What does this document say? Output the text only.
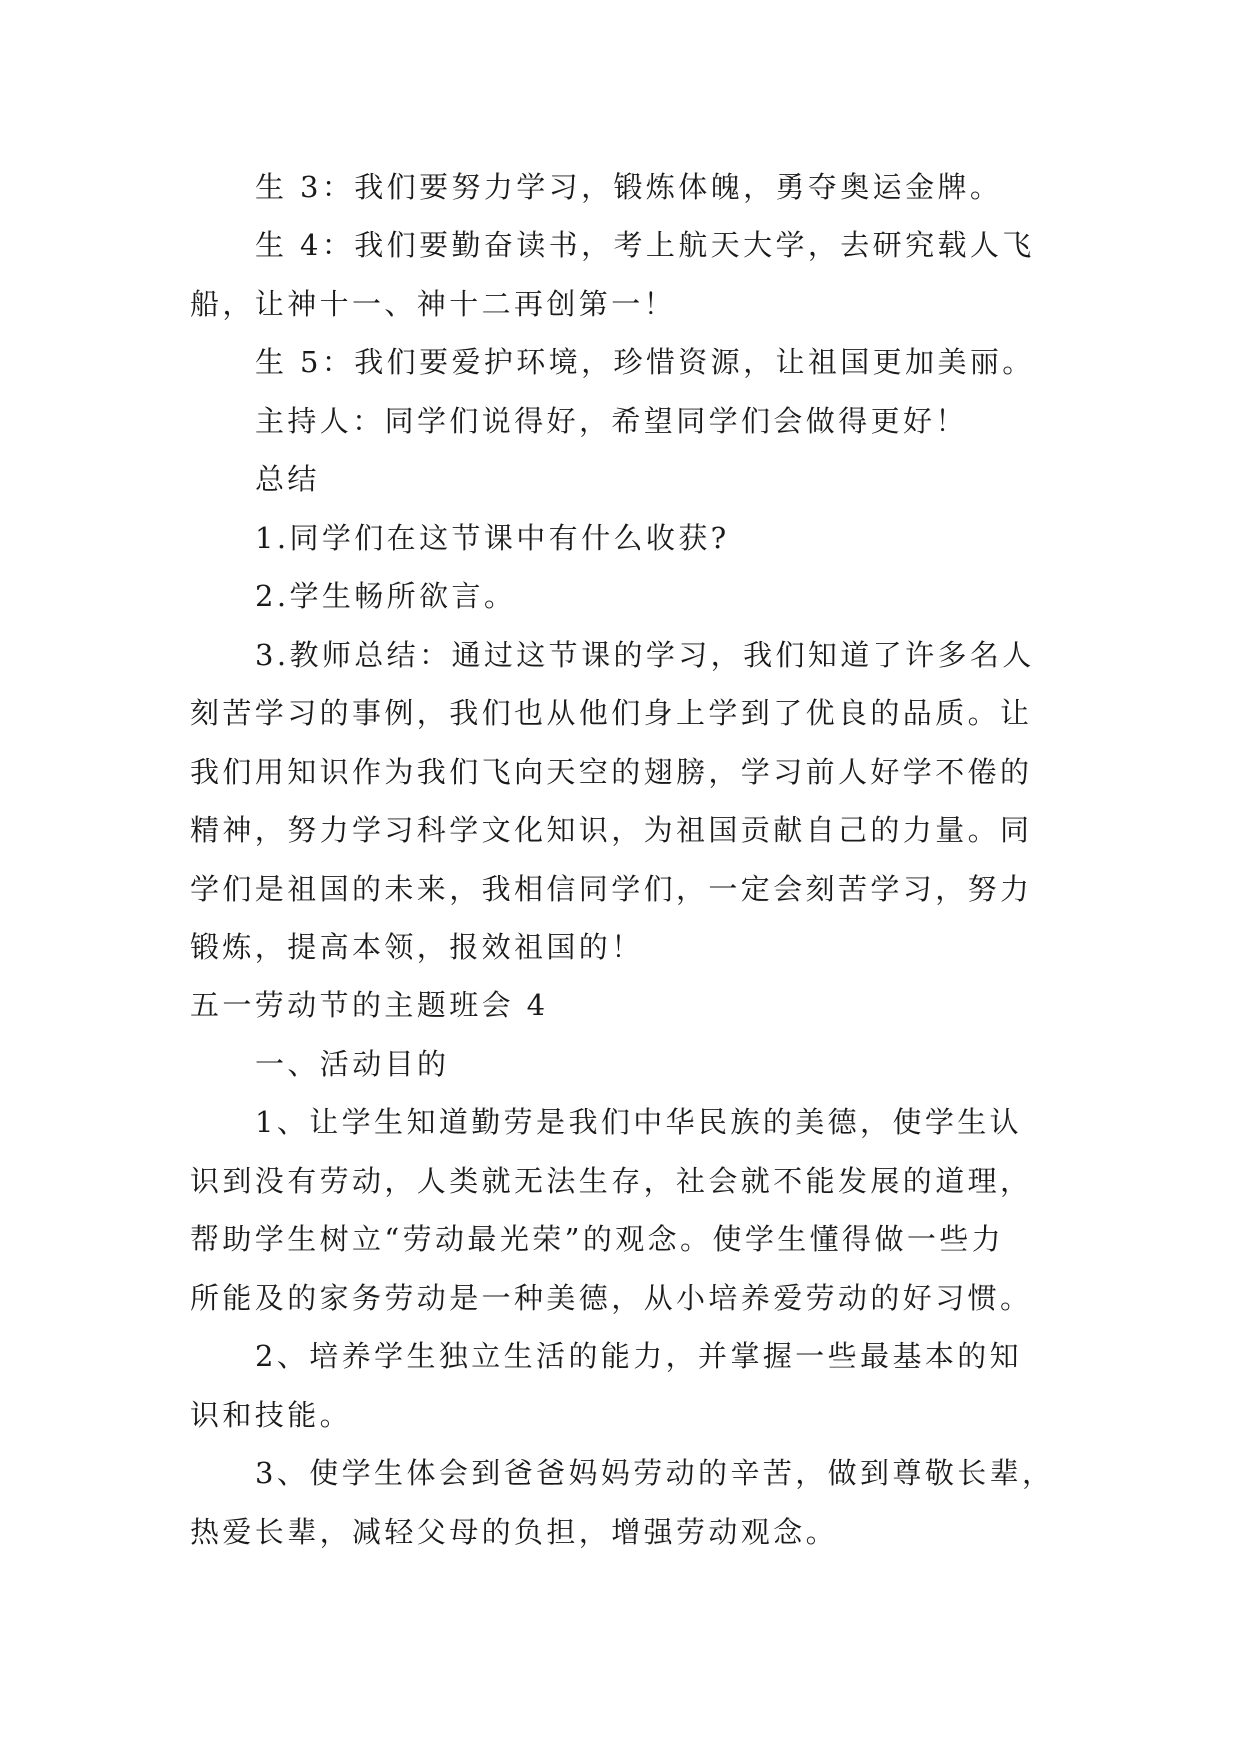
生 3：我们要努力学习，锻炼体魄，勇夺奥运金牌。

生 4：我们要勤奋读书，考上航天大学，去研究载人飞

船，让神十一、神十二再创第一！

生 5：我们要爱护环境，珍惜资源，让祖国更加美丽。

主持人：同学们说得好，希望同学们会做得更好！

总结

1.同学们在这节课中有什么收获?

2.学生畅所欲言。

3.教师总结：通过这节课的学习，我们知道了许多名人

刻苦学习的事例，我们也从他们身上学到了优良的品质。让

我们用知识作为我们飞向天空的翅膀，学习前人好学不倦的

精神，努力学习科学文化知识，为祖国贡献自己的力量。同

学们是祖国的未来，我相信同学们，一定会刻苦学习，努力

锻炼，提高本领，报效祖国的！

五一劳动节的主题班会 4

一、活动目的

1、让学生知道勤劳是我们中华民族的美德，使学生认

识到没有劳动，人类就无法生存，社会就不能发展的道理，

帮助学生树立“劳动最光荣”的观念。使学生懂得做一些力

所能及的家务劳动是一种美德，从小培养爱劳动的好习惯。

2、培养学生独立生活的能力，并掌握一些最基本的知

识和技能。

3、使学生体会到爸爸妈妈劳动的辛苦，做到尊敬长辈，

热爱长辈，减轻父母的负担，增强劳动观念。
